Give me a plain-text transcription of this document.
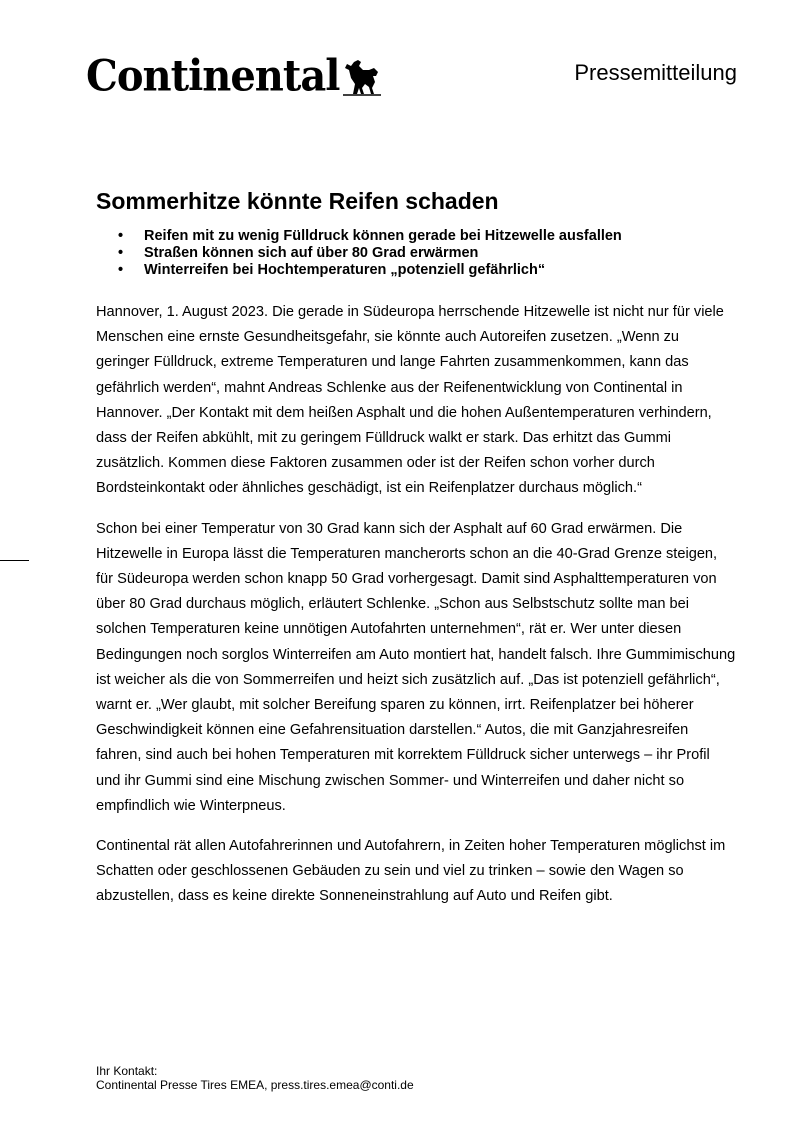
Continental	Pressemitteilung
Sommerhitze könnte Reifen schaden
• Reifen mit zu wenig Fülldruck können gerade bei Hitzewelle ausfallen
• Straßen können sich auf über 80 Grad erwärmen
• Winterreifen bei Hochtemperaturen „potenziell gefährlich“

Hannover, 1. August 2023. Die gerade in Südeuropa herrschende Hitzewelle ist nicht nur für viele Menschen eine ernste Gesundheitsgefahr, sie könnte auch Autoreifen zusetzen. „Wenn zu geringer Fülldruck, extreme Temperaturen und lange Fahrten zusammenkommen, kann das gefährlich werden“, mahnt Andreas Schlenke aus der Reifenentwicklung von Continental in Hannover. „Der Kontakt mit dem heißen Asphalt und die hohen Außentemperaturen verhindern, dass der Reifen abkühlt, mit zu geringem Fülldruck walkt er stark. Das erhitzt das Gummi zusätzlich. Kommen diese Faktoren zusammen oder ist der Reifen schon vorher durch Bordsteinkontakt oder ähnliches geschädigt, ist ein Reifenplatzer durchaus möglich.“

Schon bei einer Temperatur von 30 Grad kann sich der Asphalt auf 60 Grad erwärmen. Die Hitzewelle in Europa lässt die Temperaturen mancherorts schon an die 40-Grad Grenze steigen, für Südeuropa werden schon knapp 50 Grad vorhergesagt. Damit sind Asphalttemperaturen von über 80 Grad durchaus möglich, erläutert Schlenke. „Schon aus Selbstschutz sollte man bei solchen Temperaturen keine unnötigen Autofahrten unternehmen“, rät er. Wer unter diesen Bedingungen noch sorglos Winterreifen am Auto montiert hat, handelt falsch. Ihre Gummimischung ist weicher als die von Sommerreifen und heizt sich zusätzlich auf. „Das ist potenziell gefährlich“, warnt er. „Wer glaubt, mit solcher Bereifung sparen zu können, irrt. Reifenplatzer bei höherer Geschwindigkeit können eine Gefahrensituation darstellen.“ Autos, die mit Ganzjahresreifen fahren, sind auch bei hohen Temperaturen mit korrektem Fülldruck sicher unterwegs – ihr Profil und ihr Gummi sind eine Mischung zwischen Sommer- und Winterreifen und daher nicht so empfindlich wie Winterpneus.

Continental rät allen Autofahrerinnen und Autofahrern, in Zeiten hoher Temperaturen möglichst im Schatten oder geschlossenen Gebäuden zu sein und viel zu trinken – sowie den Wagen so abzustellen, dass es keine direkte Sonneneinstrahlung auf Auto und Reifen gibt.

Ihr Kontakt:
Continental Presse Tires EMEA, press.tires.emea@conti.de
